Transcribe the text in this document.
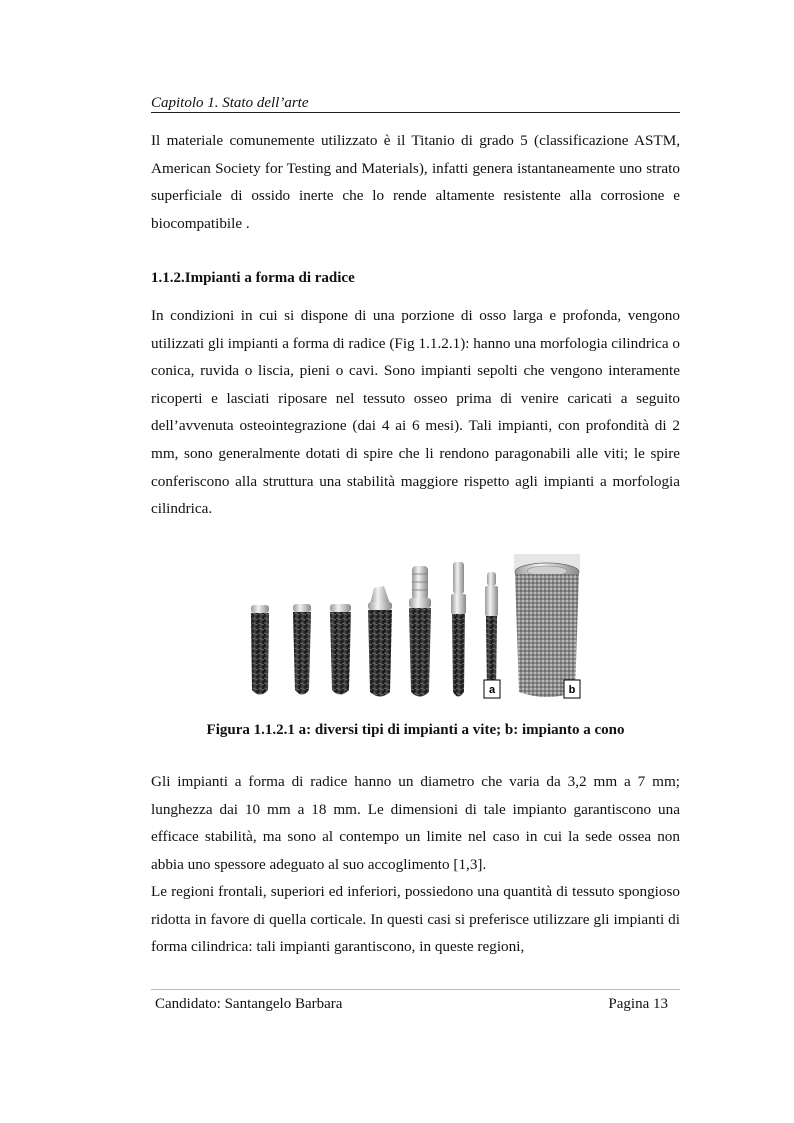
Capitolo 1. Stato dell’arte

Il materiale comunemente utilizzato è il Titanio di grado 5 (classificazione ASTM, American Society for Testing and Materials), infatti genera istantaneamente uno strato superficiale di ossido inerte che lo rende altamente resistente alla corrosione e biocompatibile .

1.1.2.Impianti a forma di radice

In condizioni in cui si dispone di una porzione di osso larga e profonda, vengono utilizzati gli impianti a forma di radice (Fig 1.1.2.1): hanno una morfologia cilindrica o conica, ruvida o liscia, pieni o cavi. Sono impianti sepolti che vengono interamente ricoperti e lasciati riposare nel tessuto osseo prima di venire caricati a seguito dell’avvenuta osteointegrazione (dai 4 ai 6 mesi). Tali impianti, con profondità di 2 mm, sono generalmente dotati di spire che li rendono paragonabili alle viti; le spire conferiscono alla struttura una stabilità maggiore rispetto agli impianti a morfologia cilindrica.

a	b
Figura 1.1.2.1 a: diversi tipi di impianti a vite; b: impianto a cono

Gli impianti a forma di radice hanno un diametro che varia da 3,2 mm a 7 mm; lunghezza dai 10 mm a 18 mm. Le dimensioni di tale impianto garantiscono una efficace stabilità, ma sono al contempo un limite nel caso in cui la sede ossea non abbia uno spessore adeguato al suo accoglimento [1,3].

Le regioni frontali, superiori ed inferiori, possiedono una quantità di tessuto spongioso ridotta in favore di quella corticale. In questi casi si preferisce utilizzare gli impianti di forma cilindrica: tali impianti garantiscono, in queste regioni,

Candidato: Santangelo Barbara	Pagina 13
